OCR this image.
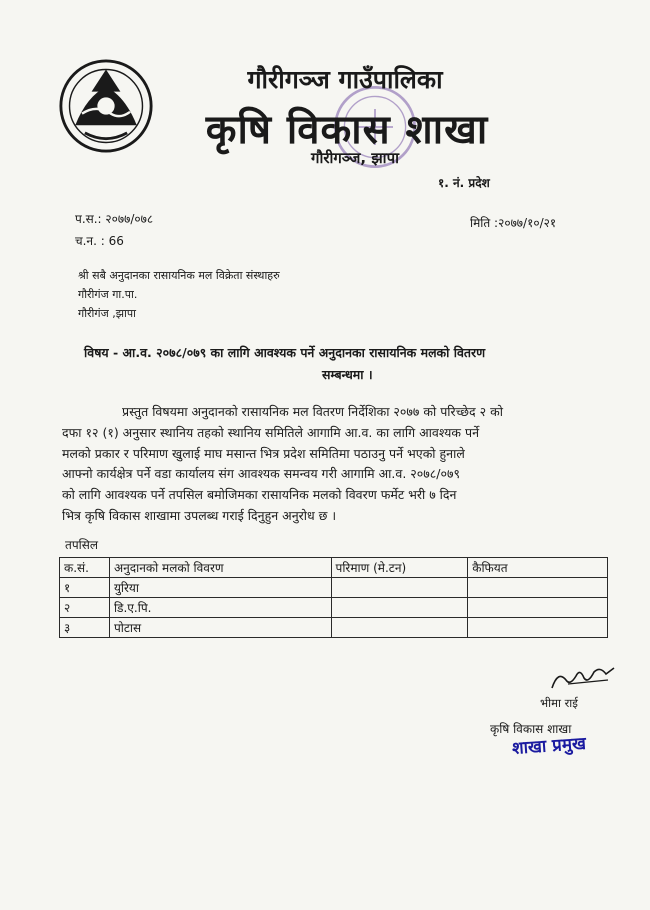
गौरीगञ्ज गाउँपालिका
कृषि विकास शाखा
गौरीगञ्ज, झापा
१. नं. प्रदेश
प.स.: २०७७/०७८
च.न. : 66
मिति :२०७७/१०/२१
श्री सबै अनुदानका रासायनिक मल विक्रेता संस्थाहरु
गौरीगंज गा.पा.
गौरीगंज ,झापा
विषय - आ.व. २०७८/०७९ का लागि आवश्यक पर्ने अनुदानका रासायनिक मलको वितरण
सम्बन्धमा ।
प्रस्तुत विषयमा अनुदानको रासायनिक मल वितरण निर्देशिका २०७७ को परिच्छेद २ को
दफा १२ (१) अनुसार स्थानिय तहको स्थानिय समितिले आगामि आ.व. का लागि आवश्यक पर्ने
मलको प्रकार र परिमाण खुलाई माघ मसान्त भित्र प्रदेश समितिमा पठाउनु पर्ने भएको हुनाले
आफ्नो कार्यक्षेत्र पर्ने वडा कार्यालय संग आवश्यक समन्वय गरी आगामि आ.व. २०७८/०७९
को लागि आवश्यक पर्ने तपसिल बमोजिमका रासायनिक मलको विवरण फर्मेट भरी ७ दिन
भित्र कृषि विकास शाखामा उपलब्ध गराई दिनुहुन अनुरोध छ ।
तपसिल
क.सं.	अनुदानको मलको विवरण	परिमाण (मे.टन)	कैफियत
१	युरिया		
२	डि.ए.पि.		
३	पोटास		
भीमा राई
कृषि विकास शाखा
शाखा प्रमुख
